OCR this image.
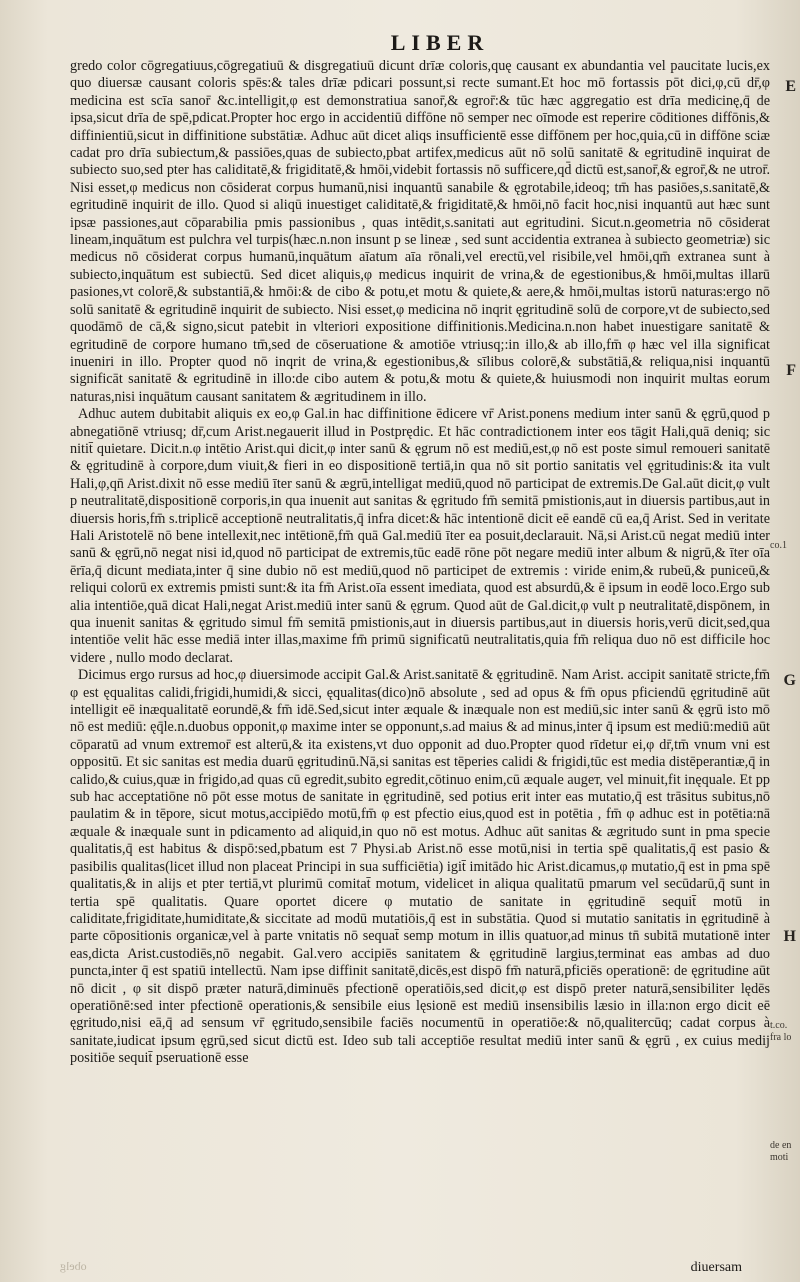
LIBER

gredo color cōgregatiuus,cōgregatiuū & disgregatiuū dicunt drīæ coloris,quę causant ex abundantia vel paucitate lucis,ex quo diuersæ causant coloris spēs:& tales drīæ pdicari possunt,si recte sumant.Et hoc mō fortassis pōt dici,φ,cū dr̄,φ medicina est scīa sanor̄ &c.intelligit,φ est demonstratiua sanor̄,& egror̄:& tūc hæc aggregatio est drīa medicinę,q̄ de ipsa,sicut drīa de spē,pdicat.Propter hoc ergo in accidentiū diffōne nō semper nec oīmode est reperire cōditiones diffōnis,& diffinientiū,sicut in diffinitione substātiæ. Adhuc aūt dicet aliqs insufficientē esse diffōnem per hoc,quia,cū in diffōne sciæ cadat pro drīa subiectum,& passiōes,quas de subiecto,pbat artifex,medicus aūt nō solū sanitatē & egritudinē inquirat de subiecto suo,sed pter has caliditatē,& frigiditatē,& hmōi,videbit fortassis nō sufficere,qd̄ dictū est,sanor̄,& egror̄,& ne utror̄. Nisi esset,φ medicus non cōsiderat corpus humanū,nisi inquantū sanabile & ęgrotabile,ideoq; tm̄ has pasiōes,s.sanitatē,& egritudinē inquirit de illo. Quod si aliqū inuestiget caliditatē,& frigiditatē,& hmōi,nō facit hoc,nisi inquantū aut hæc sunt ipsæ passiones,aut cōparabilia pmis passionibus , quas intēdit,s.sanitati aut egritudini. Sicut.n.geometria nō cōsiderat lineam,inquātum est pulchra vel turpis(hæc.n.non insunt p se lineæ , sed sunt accidentia extranea à subiecto geometriæ) sic medicus nō cōsiderat corpus humanū,inquātum aīatum aīa rōnali,vel erectū,vel risibile,vel hmōi,qm̄ extranea sunt à subiecto,inquātum est subiectū. Sed dicet aliquis,φ medicus inquirit de vrina,& de egestionibus,& hmōi,multas illarū pasiones,vt colorē,& substantiā,& hmōi:& de cibo & potu,et motu & quiete,& aere,& hmōi,multas istorū naturas:ergo nō solū sanitatē & egritudinē inquirit de subiecto. Nisi esset,φ medicina nō inqrit ęgritudinē solū de corpore,vt de subiecto,sed quodāmō de cā,& signo,sicut patebit in vlteriori expositione diffinitionis.Medicina.n.non habet inuestigare sanitatē & egritudinē de corpore humano tm̄,sed de cōseruatione & amotiōe vtriusq;:in illo,& ab illo,fm̄ φ hæc vel illa significat inueniri in illo. Propter quod nō inqrit de vrina,& egestionibus,& sīlibus colorē,& substātiā,& reliqua,nisi inquantū significāt sanitatē & egritudinē in illo:de cibo autem & potu,& motu & quiete,& huiusmodi non inquirit multas eorum naturas,nisi inquātum causant sanitatem & ægritudinem in illo.

Adhuc autem dubitabit aliquis ex eo,φ Gal.in hac diffinitione ēdicere vr̄ Arist.ponens medium inter sanū & ęgrū,quod p abnegatiōnē vtriusq; dr̄,cum Arist.negauerit illud in Postprędic. Et hāc contradictionem inter eos tāgit Hali,quā deniq; sic nitit̄ quietare. Dicit.n.φ intētio Arist.qui dicit,φ inter sanū & ęgrum nō est mediū,est,φ nō est poste simul remoueri sanitatē & ęgritudinē à corpore,dum viuit,& fieri in eo dispositionē tertiā,in qua nō sit portio sanitatis vel ęgritudinis:& ita vult Hali,φ,qn̄ Arist.dixit nō esse mediū īter sanū & ægrū,intelligat mediū,quod nō participat de extremis.De Gal.aūt dicit,φ vult p neutralitatē,dispositionē corporis,in qua inuenit aut sanitas & ęgritudo fm̄ semitā pmistionis,aut in diuersis partibus,aut in diuersis horis,fm̄ s.triplicē acceptionē neutralitatis,q̄ infra dicet:& hāc intentionē dicit eē eandē cū ea,q̄ Arist. Sed in veritate Hali Aristotelē nō bene intellexit,nec intētionē,fm̄ quā Gal.mediū īter ea posuit,declarauit. Nā,si Arist.cū negat mediū inter sanū & ęgrū,nō negat nisi id,quod nō participat de extremis,tūc eadē rōne pōt negare mediū inter album & nigrū,& īter oīa ērīa,q̄ dicunt mediata,inter q̄ sine dubio nō est mediū,quod nō participet de extremis : viride enim,& rubeū,& puniceū,& reliqui colorū ex extremis pmisti sunt:& ita fm̄ Arist.oīa essent imediata, quod est absurdū,& ē ipsum in eodē loco.Ergo sub alia intentiōe,quā dicat Hali,negat Arist.mediū inter sanū & ęgrum. Quod aūt de Gal.dicit,φ vult p neutralitatē,dispōnem, in qua inuenit sanitas & ęgritudo simul fm̄ semitā pmistionis,aut in diuersis partibus,aut in diuersis horis,verū dicit,sed,qua intentiōe velit hāc esse mediā inter illas,maxime fm̄ primū significatū neutralitatis,quia fm̄ reliqua duo nō est difficile hoc videre , nullo modo declarat.

Dicimus ergo rursus ad hoc,φ diuersimode accipit Gal.& Arist.sanitatē & ęgritudinē. Nam Arist. accipit sanitatē stricte,fm̄ φ est ęqualitas calidi,frigidi,humidi,& sicci, ęqualitas(dico)nō absolute , sed ad opus & fm̄ opus pficiendū ęgritudinē aūt intelligit eē inæqualitatē eorundē,& fm̄ idē.Sed,sicut inter æquale & inæquale non est mediū,sic inter sanū & ęgrū isto mō nō est mediū: ęq̄le.n.duobus opponit,φ maxime inter se opponunt,s.ad maius & ad minus,inter q̄ ipsum est mediū:mediū aūt cōparatū ad vnum extremor̄ est alterū,& ita existens,vt duo opponit ad duo.Propter quod rīdetur ei,φ dr̄,tm̄ vnum vni est oppositū. Et sic sanitas est media duarū ęgritudinū.Nā,si sanitas est tēperies calidi & frigidi,tūc est media distēperantiæ,q̄ in calido,& cuius,quæ in frigido,ad quas cū egredit,subito egredit,cōtinuo enim,cū æquale augeт, vel minuit,fit inęquale. Et pp sub hac acceptatiōne nō pōt esse motus de sanitate in ęgritudinē, sed potius erit inter eas mutatio,q̄ est trāsitus subitus,nō paulatim & in tēpore, sicut motus,accipiēdo motū,fm̄ φ est pfectio eius,quod est in potētia , fm̄ φ adhuc est in potētia:nā æquale & inæquale sunt in pdicamento ad aliquid,in quo nō est motus. Adhuc aūt sanitas & ægritudo sunt in pma specie qualitatis,q̄ est habitus & dispō:sed,pbatum est 7 Physi.ab Arist.nō esse motū,nisi in tertia spē qualitatis,q̄ est pasio & pasibilis qualitas(licet illud non placeat Principi in sua sufficiētia) igit̄ imitādo hic Arist.dicamus,φ mutatio,q̄ est in pma spē qualitatis,& in alijs et pter tertiā,vt plurimū comitat̄ motum, videlicet in aliqua qualitatū pmarum vel secūdarū,q̄ sunt in tertia spē qualitatis. Quare oportet dicere φ mutatio de sanitate in ęgritudinē sequit̄ motū in caliditate,frigiditate,humiditate,& siccitate ad modū mutatiōis,q̄ est in substātia. Quod si mutatio sanitatis in ęgritudinē à parte cōpositionis organicæ,vel à parte vnitatis nō sequat̄ semp motum in illis quatuor,ad minus tn̄ subitā mutationē inter eas,dicta Arist.custodiēs,nō negabit. Gal.vero accipiēs sanitatem & ęgritudinē largius,terminat eas ambas ad duo puncta,inter q̄ est spatiū intellectū. Nam ipse diffinit sanitatē,dicēs,est dispō fm̄ naturā,pficiēs operationē: de ęgritudine aūt nō dicit , φ sit dispō præter naturā,diminuēs pfectionē operatiōis,sed dicit,φ est dispō preter naturā,sensibiliter lędēs operatiōnē:sed inter pfectionē operationis,& sensibile eius lęsionē est mediū insensibilis læsio in illa:non ergo dicit eē ęgritudo,nisi eā,q̄ ad sensum vr̄ ęgritudo,sensibile faciēs nocumentū in operatiōe:& nō,qualitercūq; cadat corpus à sanitate,iudicat ipsum ęgrū,sed sicut dictū est. Ideo sub tali acceptiōe resultat mediū inter sanū & ęgrū , ex cuius medij positiōe sequit̄ pseruationē esse

E
F
G
H
co.1
t.co. fra lo
de en moti
obelg	diuersam
